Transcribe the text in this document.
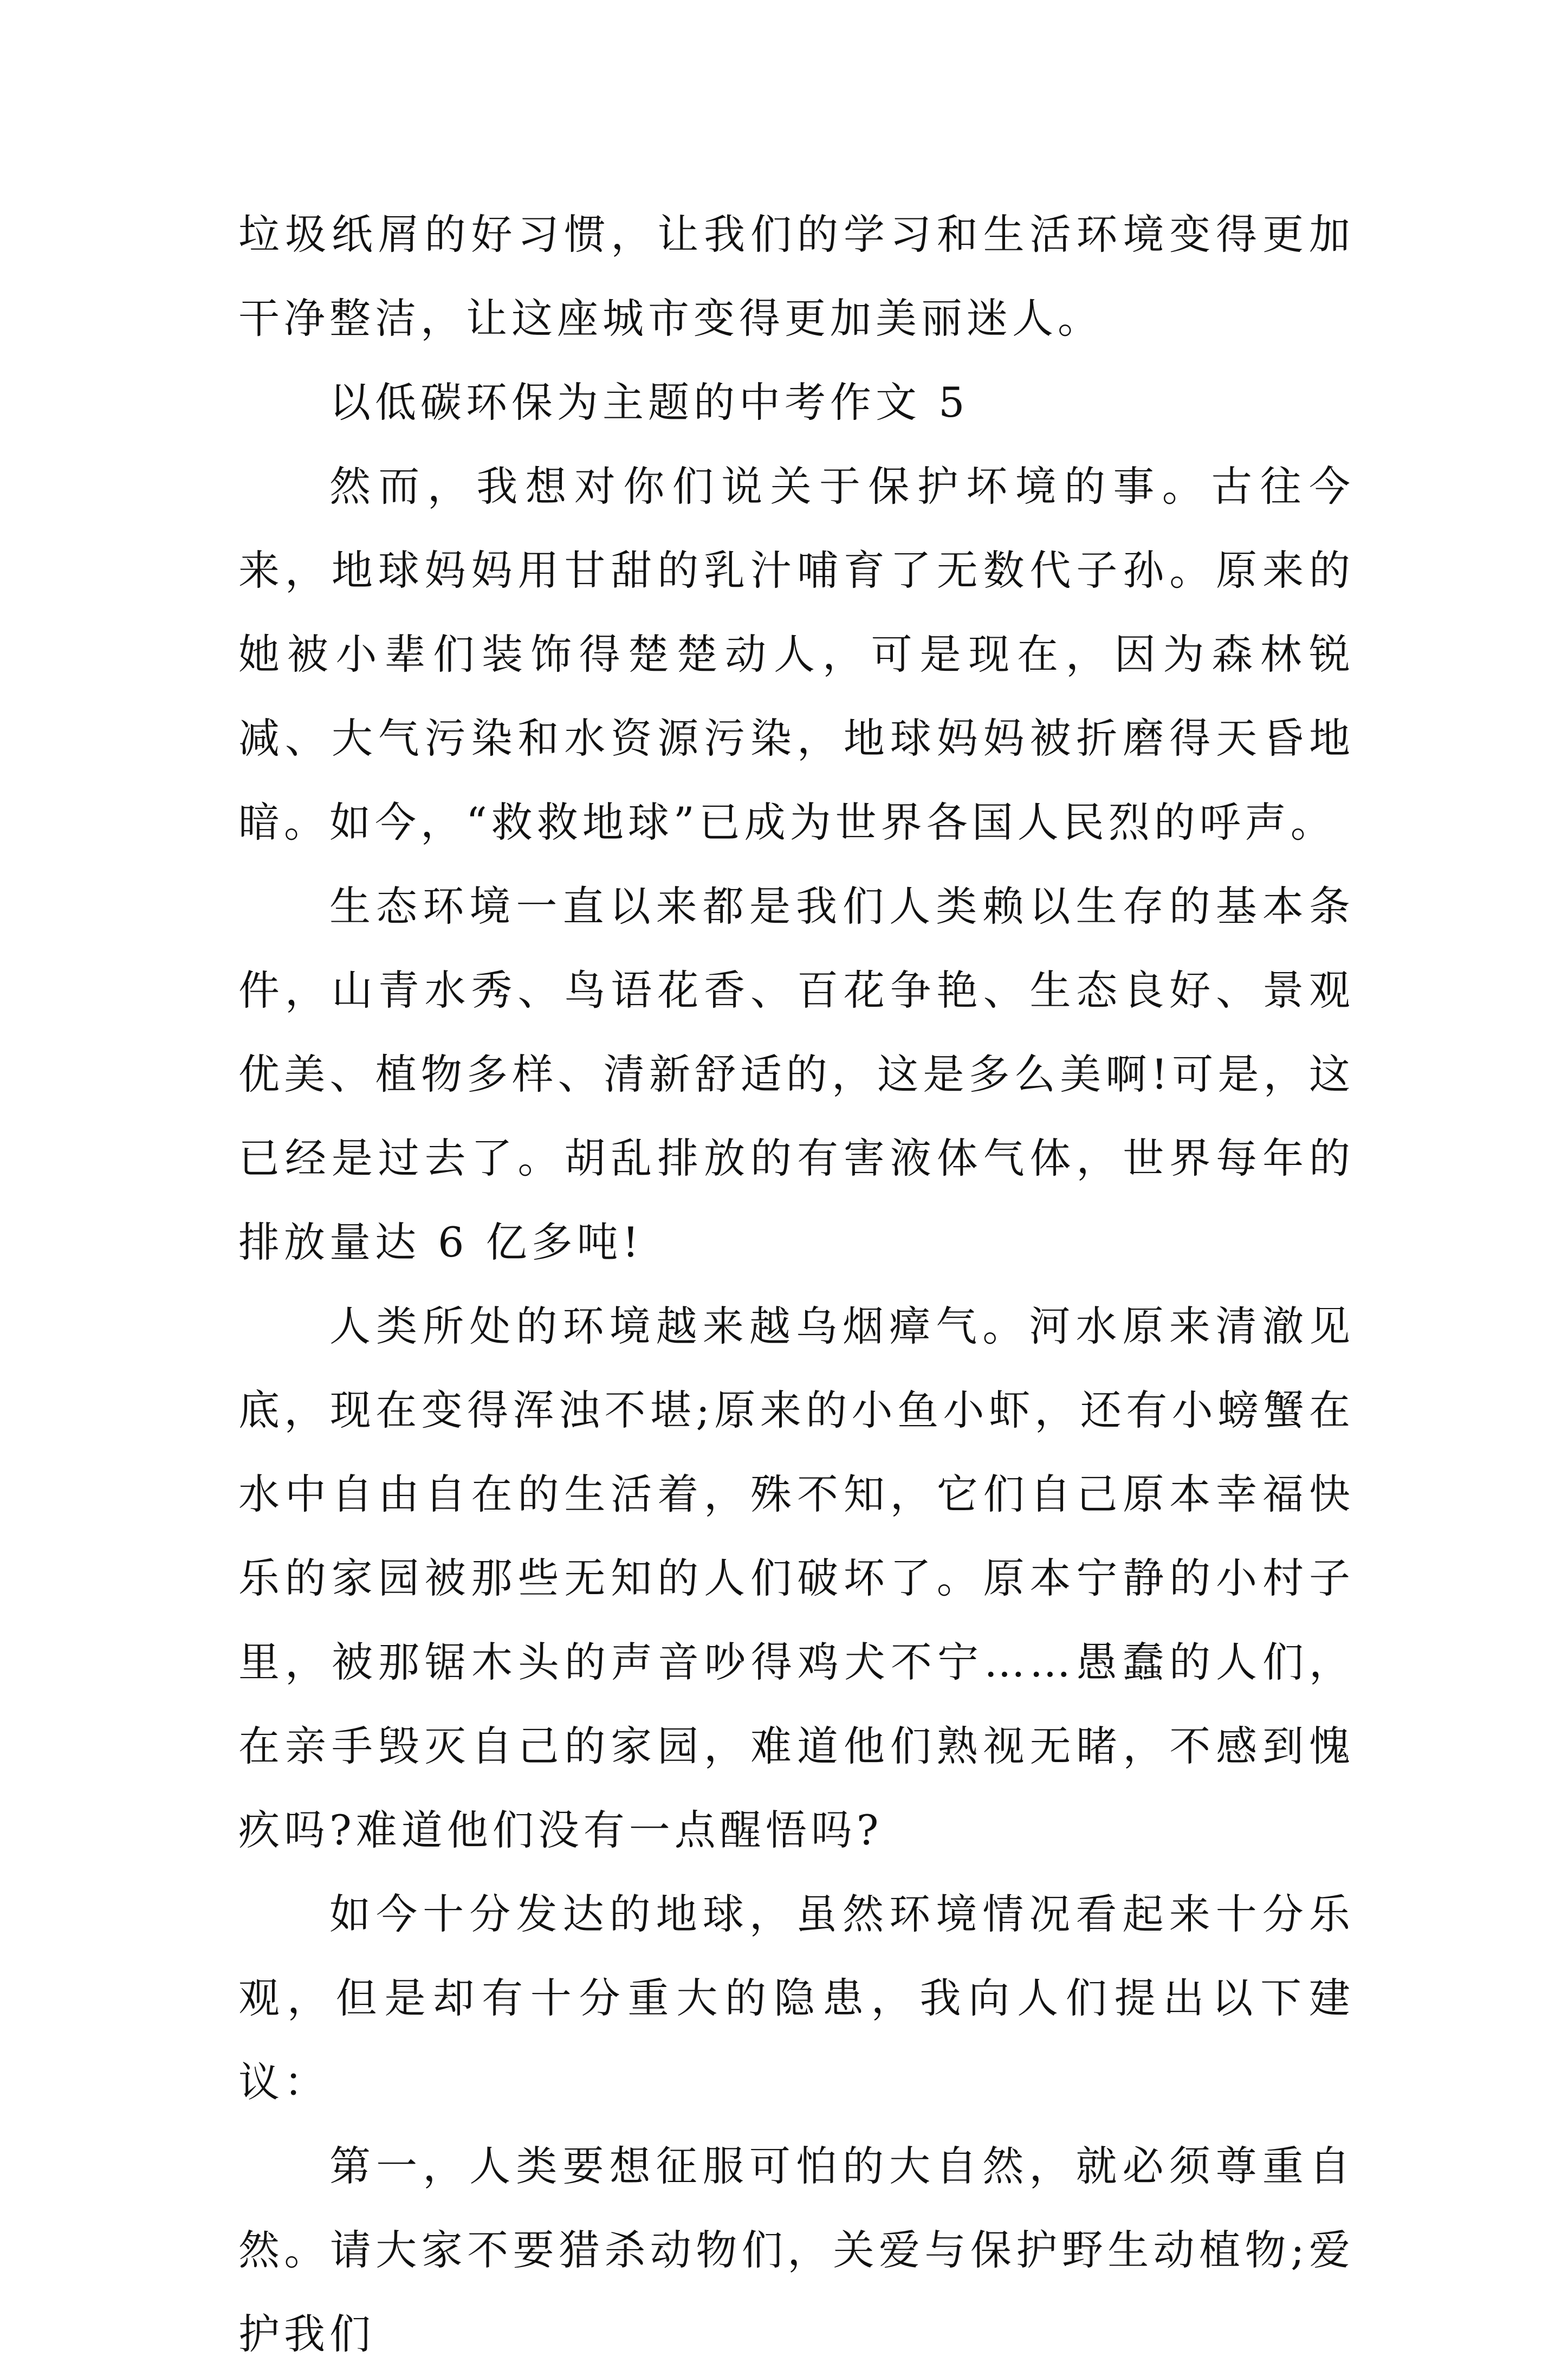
垃圾纸屑的好习惯，让我们的学习和生活环境变得更加干净整洁，让这座城市变得更加美丽迷人。

以低碳环保为主题的中考作文 5

然而，我想对你们说关于保护坏境的事。古往今来，地球妈妈用甘甜的乳汁哺育了无数代子孙。原来的她被小辈们装饰得楚楚动人，可是现在，因为森林锐减、大气污染和水资源污染，地球妈妈被折磨得天昏地暗。如今，“救救地球”已成为世界各国人民烈的呼声。

生态环境一直以来都是我们人类赖以生存的基本条件，山青水秀、鸟语花香、百花争艳、生态良好、景观优美、植物多样、清新舒适的，这是多么美啊!可是，这已经是过去了。胡乱排放的有害液体气体，世界每年的排放量达 6 亿多吨!

人类所处的环境越来越乌烟瘴气。河水原来清澈见底，现在变得浑浊不堪;原来的小鱼小虾，还有小螃蟹在水中自由自在的生活着，殊不知，它们自己原本幸福快乐的家园被那些无知的人们破坏了。原本宁静的小村子里，被那锯木头的声音吵得鸡犬不宁……愚蠢的人们，在亲手毁灭自己的家园，难道他们熟视无睹，不感到愧疚吗?难道他们没有一点醒悟吗?

如今十分发达的地球，虽然环境情况看起来十分乐观，但是却有十分重大的隐患，我向人们提出以下建议：

第一，人类要想征服可怕的大自然，就必须尊重自然。请大家不要猎杀动物们，关爱与保护野生动植物;爱护我们
